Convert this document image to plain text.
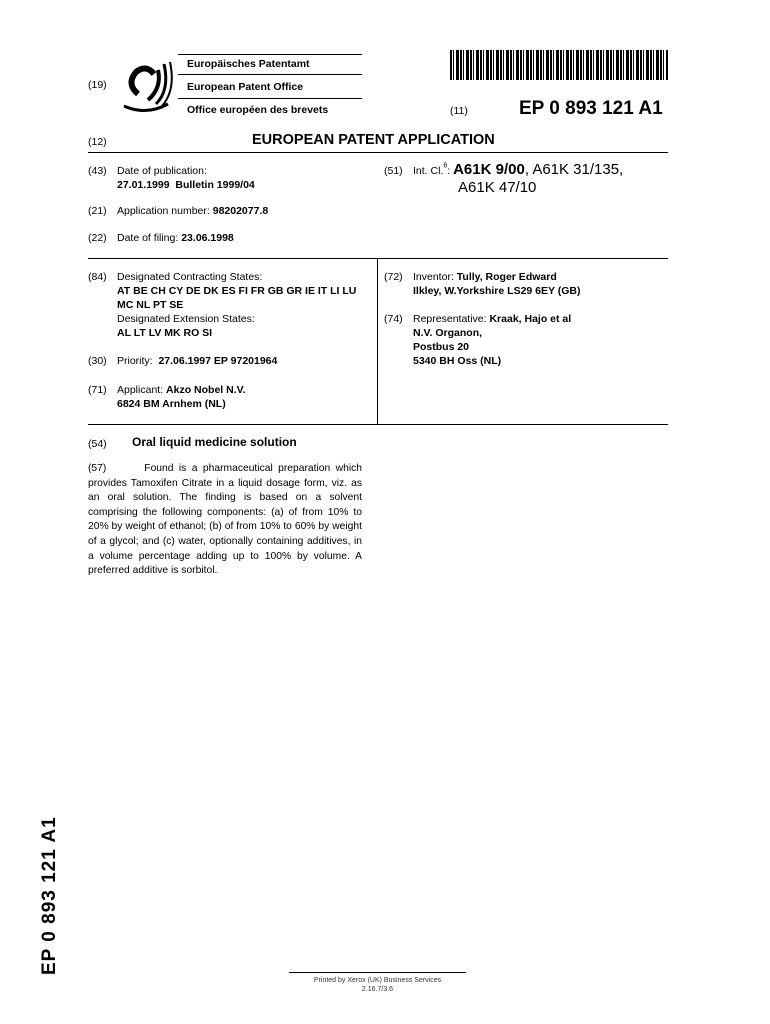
(19)
Europäisches Patentamt
European Patent Office
Office européen des brevets	(11)	EP 0 893 121 A1
(12)	EUROPEAN PATENT APPLICATION
(43) Date of publication:
27.01.1999  Bulletin 1999/04
(51) Int. Cl.$^6$: A61K 9/00, A61K 31/135,
A61K 47/10
(21) Application number: 98202077.8
(22) Date of filing: 23.06.1998
(84) Designated Contracting States:
AT BE CH CY DE DK ES FI FR GB GR IE IT LI LU
MC NL PT SE
Designated Extension States:
AL LT LV MK RO SI
(30) Priority: 27.06.1997 EP 97201964
(71) Applicant: Akzo Nobel N.V.
6824 BM Arnhem (NL)
(72) Inventor: Tully, Roger Edward
Ilkley, W.Yorkshire LS29 6EY (GB)
(74) Representative: Kraak, Hajo et al
N.V. Organon,
Postbus 20
5340 BH Oss (NL)
(54) Oral liquid medicine solution
(57)	Found is a pharmaceutical preparation which provides Tamoxifen Citrate in a liquid dosage form, viz. as an oral solution. The finding is based on a solvent comprising the following components: (a) of from 10% to 20% by weight of ethanol; (b) of from 10% to 60% by weight of a glycol; and (c) water, optionally containing additives, in a volume percentage adding up to 100% by volume. A preferred additive is sorbitol.
EP 0 893 121 A1
Printed by Xerox (UK) Business Services
2.16.7/3.6
